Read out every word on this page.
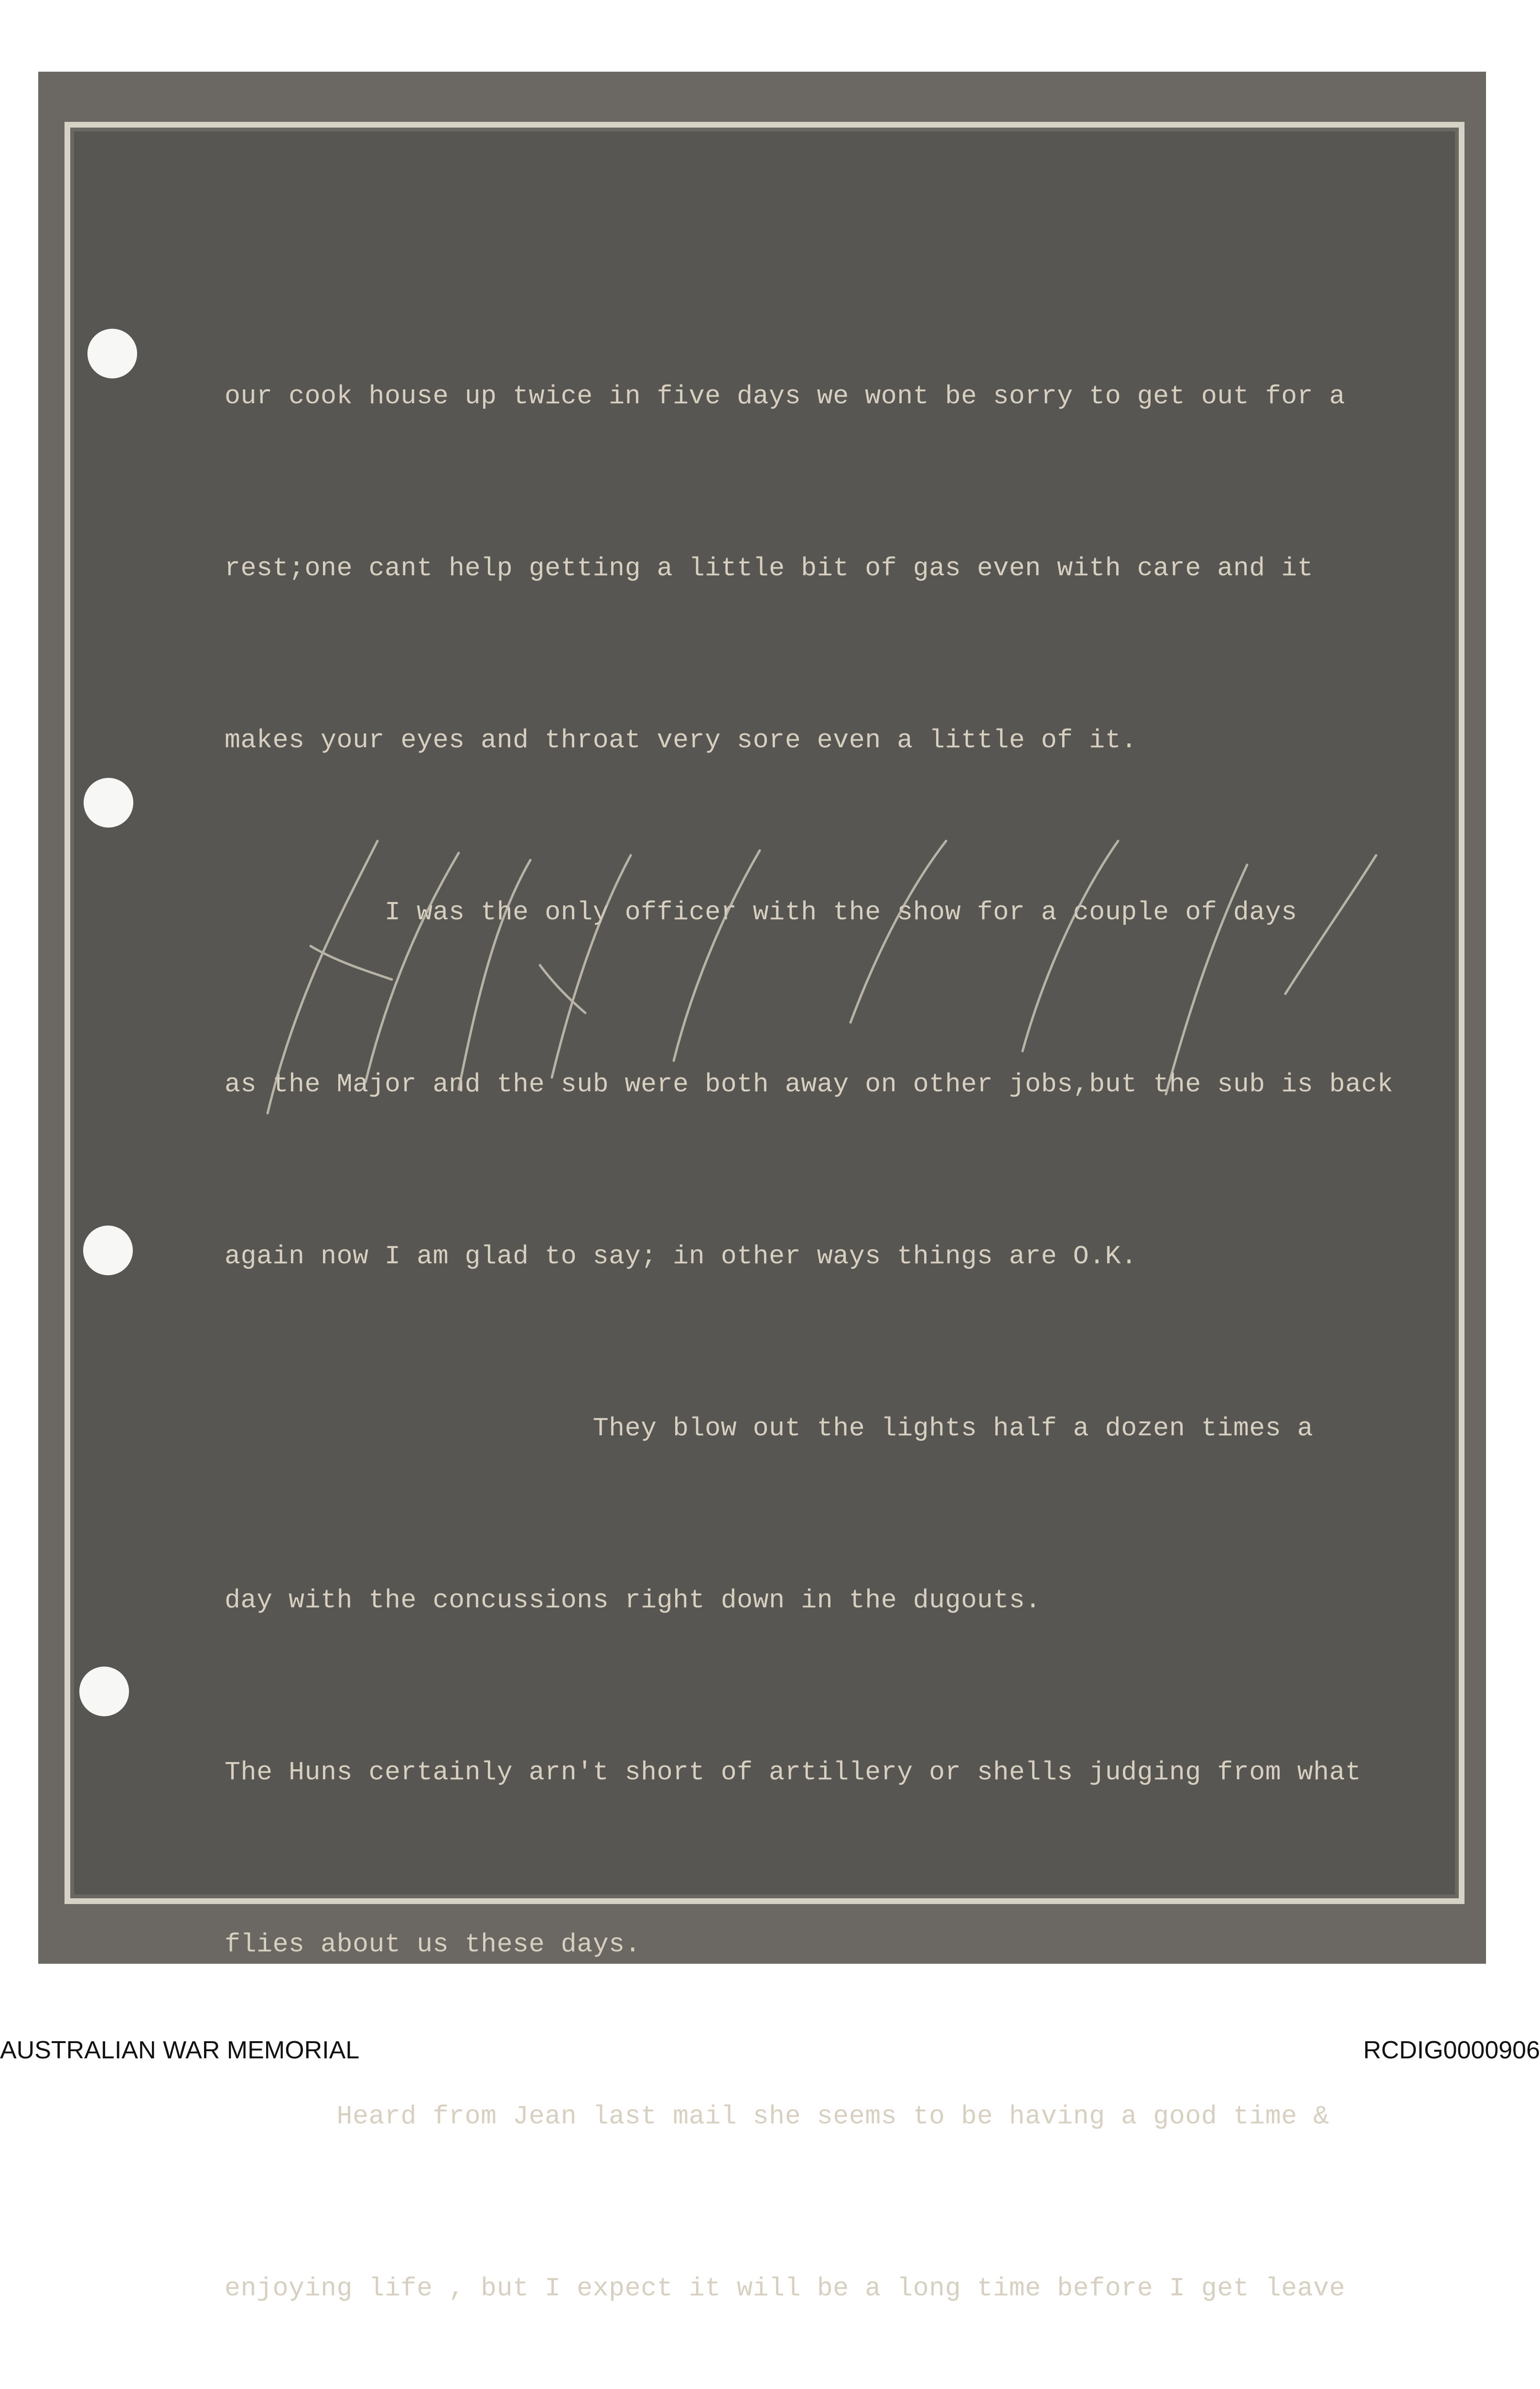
our cook house up twice in five days we wont be sorry to get out for a

rest;one cant help getting a little bit of gas even with care and it

makes your eyes and throat very sore even a little of it.

I was the only officer with the show for a couple of days

as the Major and the sub were both away on other jobs,but the sub is back

again now I am glad to say; in other ways things are O.K.

They blow out the lights half a dozen times a

day with the concussions right down in the dugouts.

The Huns certainly arn't short of artillery or shells judging from what

flies about us these days.

Heard from Jean last mail she seems to be having a good time &

enjoying life , but I expect it will be a long time before I get leave

AUSTRALIAN WAR MEMORIAL	RCDIG0000906
